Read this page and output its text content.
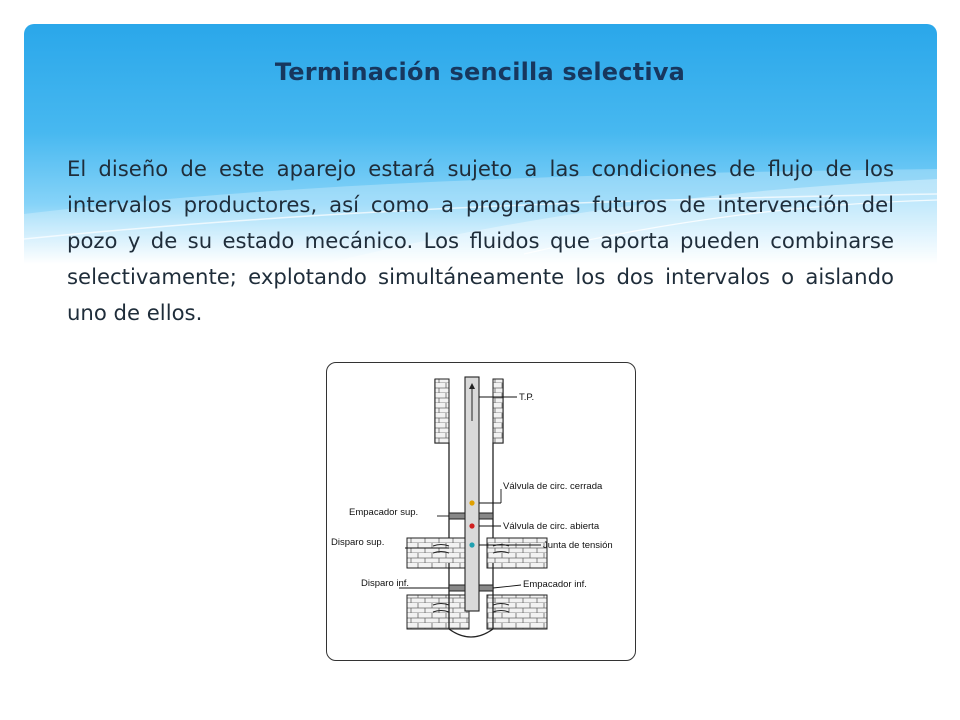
Terminación sencilla selectiva
El diseño de este aparejo estará sujeto a las condiciones de flujo de los intervalos productores, así como a programas futuros de intervención del pozo y de su estado mecánico. Los fluidos que aporta pueden combinarse selectivamente; explotando simultáneamente los dos intervalos o aislando uno de ellos.
T.P.
Válvula de circ. cerrada
Empacador sup.
Válvula de circ. abierta
Disparo sup.	Junta de tensión
Disparo inf.	Empacador inf.
